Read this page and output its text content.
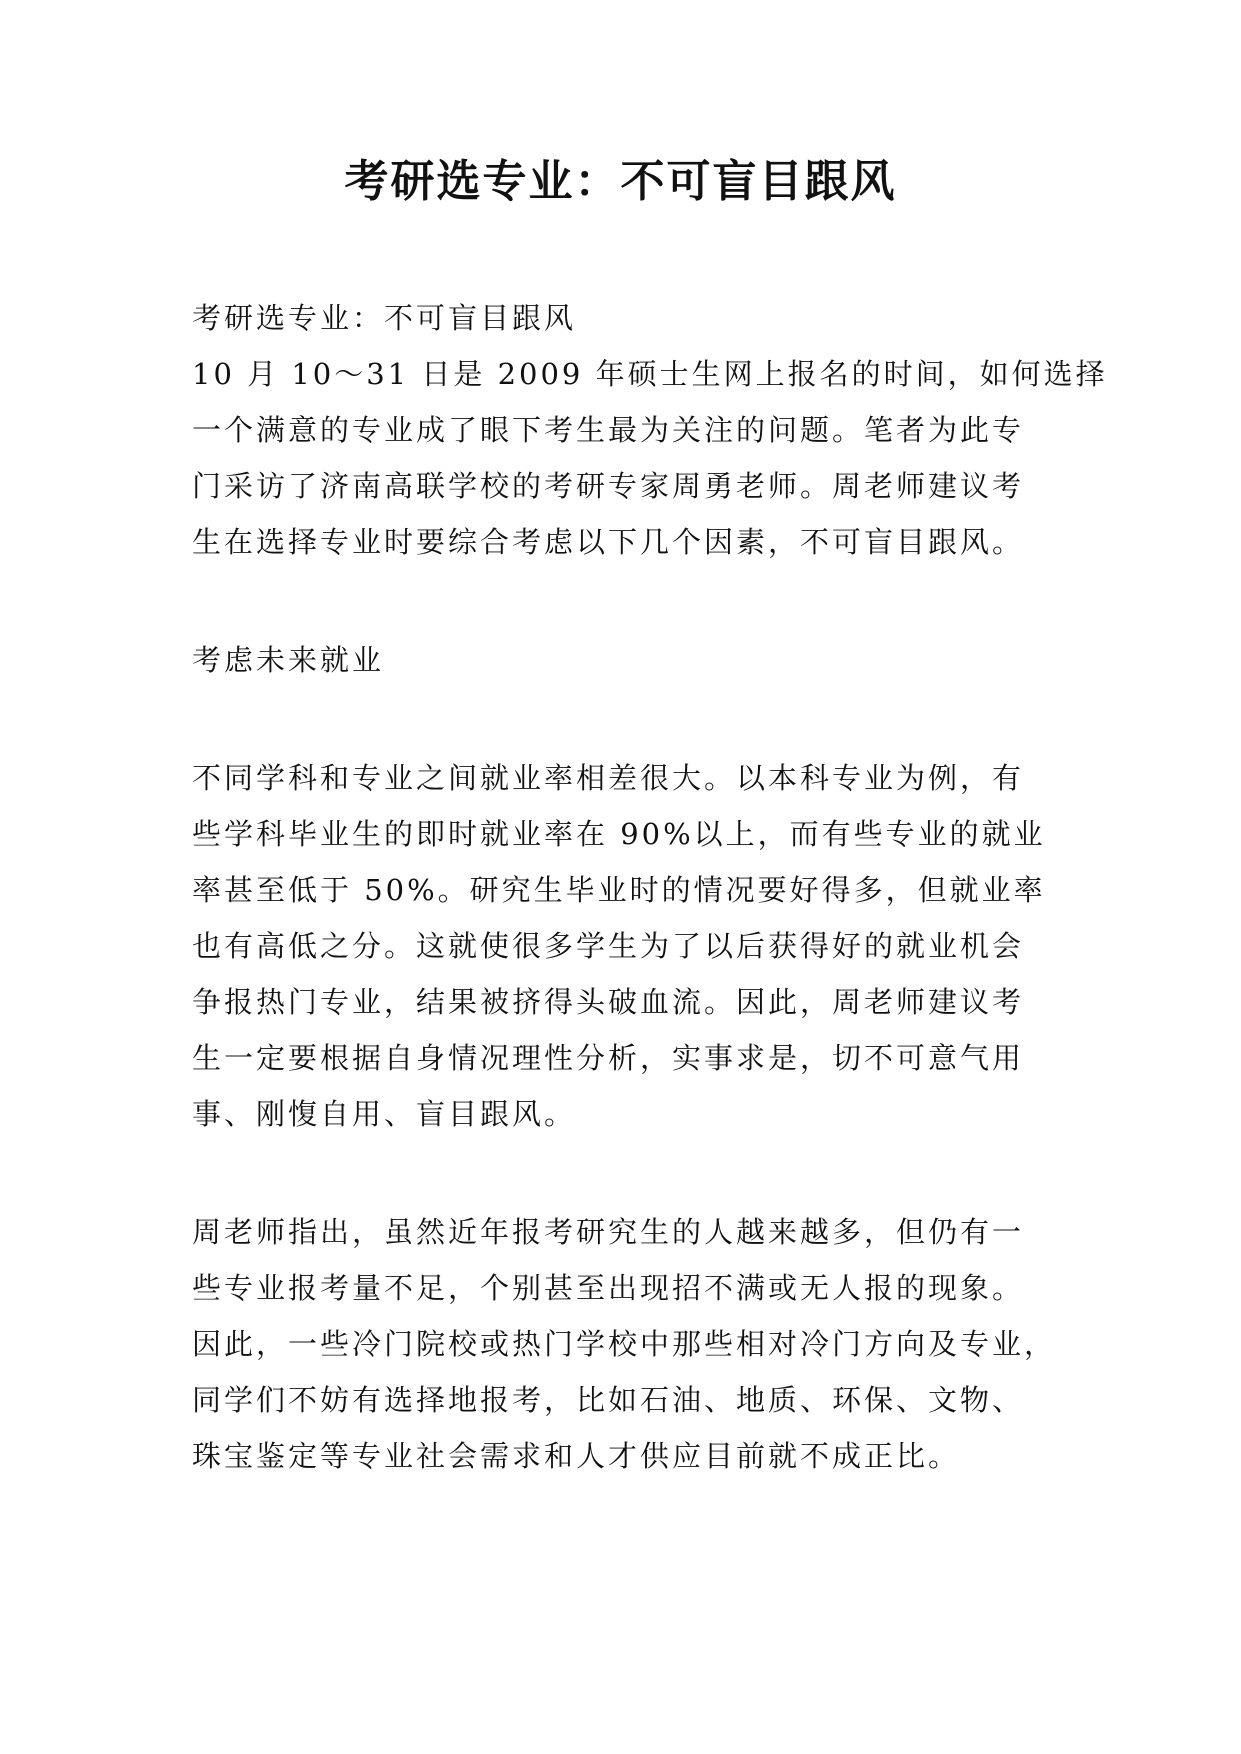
考研选专业：不可盲目跟风
考研选专业：不可盲目跟风
10 月 10～31 日是 2009 年硕士生网上报名的时间，如何选择
一个满意的专业成了眼下考生最为关注的问题。笔者为此专
门采访了济南高联学校的考研专家周勇老师。周老师建议考
生在选择专业时要综合考虑以下几个因素，不可盲目跟风。
考虑未来就业
不同学科和专业之间就业率相差很大。以本科专业为例，有
些学科毕业生的即时就业率在 90%以上，而有些专业的就业
率甚至低于 50%。研究生毕业时的情况要好得多，但就业率
也有高低之分。这就使很多学生为了以后获得好的就业机会
争报热门专业，结果被挤得头破血流。因此，周老师建议考
生一定要根据自身情况理性分析，实事求是，切不可意气用
事、刚愎自用、盲目跟风。
周老师指出，虽然近年报考研究生的人越来越多，但仍有一
些专业报考量不足，个别甚至出现招不满或无人报的现象。
因此，一些冷门院校或热门学校中那些相对冷门方向及专业，
同学们不妨有选择地报考，比如石油、地质、环保、文物、
珠宝鉴定等专业社会需求和人才供应目前就不成正比。
